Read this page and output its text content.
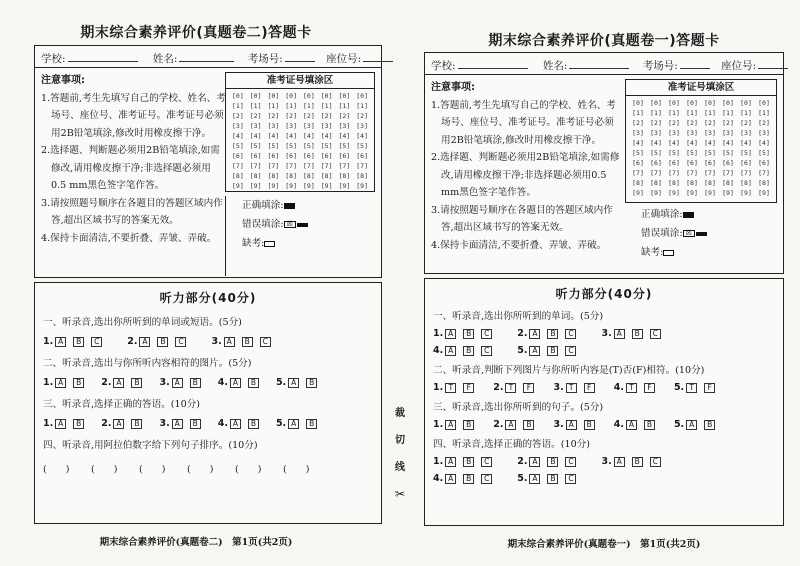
期末综合素养评价(真题卷二)答题卡
学校:	姓名:	考场号:	座位号:
注意事项:

1.答题前,考生先填写自己的学校、姓名、考场号、座位号、准考证号。准考证号必须用2B铅笔填涂,修改时用橡皮擦干净。

2.选择题、判断题必须用2B铅笔填涂,如需修改,请用橡皮擦干净;非选择题必须用0.5 mm黑色签字笔作答。

3.请按照题号顺序在各题目的答题区域内作答,超出区域书写的答案无效。

4.保持卡面清洁,不要折叠、弄皱、弄破。

准考证号填涂区
[0] [0] [0] [0] [0] [0] [0] [0]
[1] [1] [1] [1] [1] [1] [1] [1]
[2] [2] [2] [2] [2] [2] [2] [2]
[3] [3] [3] [3] [3] [3] [3] [3]
[4] [4] [4] [4] [4] [4] [4] [4]
[5] [5] [5] [5] [5] [5] [5] [5]
[6] [6] [6] [6] [6] [6] [6] [6]
[7] [7] [7] [7] [7] [7] [7] [7]
[8] [8] [8] [8] [8] [8] [8] [8]
[9] [9] [9] [9] [9] [9] [9] [9]
正确填涂:
错误填涂: ☒
缺考:
听力部分(40分)
一、听录音,选出你所听到的单词或短语。(5分)
1. A	B	C	2. A	B	C	3. A	B	C
二、听录音,选出与你所听内容相符的图片。(5分)
1. A	B	2. A	B	3. A	B	4. A	B	5. A	B
三、听录音,选择正确的答语。(10分)
1. A	B	2. A	B	3. A	B	4. A	B	5. A	B
四、听录音,用阿拉伯数字给下列句子排序。(10分)
(　　)	(　　)	(　　)	(　　)	(　　)	(　　)
期末综合素养评价(真题卷二)　第1页(共2页)
裁
切
线
✂
期末综合素养评价(真题卷一)答题卡
学校:	姓名:	考场号:	座位号:
注意事项:

1.答题前,考生先填写自己的学校、姓名、考场号、座位号、准考证号。准考证号必须用2B铅笔填涂,修改时用橡皮擦干净。

2.选择题、判断题必须用2B铅笔填涂,如需修改,请用橡皮擦干净;非选择题必须用0.5 mm黑色签字笔作答。

3.请按照题号顺序在各题目的答题区域内作答,超出区域书写的答案无效。

4.保持卡面清洁,不要折叠、弄皱、弄破。

准考证号填涂区
[0] [0] [0] [0] [0] [0] [0] [0]
[1] [1] [1] [1] [1] [1] [1] [1]
[2] [2] [2] [2] [2] [2] [2] [2]
[3] [3] [3] [3] [3] [3] [3] [3]
[4] [4] [4] [4] [4] [4] [4] [4]
[5] [5] [5] [5] [5] [5] [5] [5]
[6] [6] [6] [6] [6] [6] [6] [6]
[7] [7] [7] [7] [7] [7] [7] [7]
[8] [8] [8] [8] [8] [8] [8] [8]
[9] [9] [9] [9] [9] [9] [9] [9]
正确填涂:
错误填涂: ☒
缺考:
听力部分(40分)
一、听录音,选出你所听到的单词。(5分)
1. A	B	C	2. A	B	C	3. A	B	C
4. A	B	C	5. A	B	C
二、听录音,判断下列图片与你所听内容是(T)否(F)相符。(10分)
1. T	F	2. T	F	3. T	F	4. T	F	5. T	F
三、听录音,选出你所听到的句子。(5分)
1. A	B	2. A	B	3. A	B	4. A	B	5. A	B
四、听录音,选择正确的答语。(10分)
1. A	B	C	2. A	B	C	3. A	B	C
4. A	B	C	5. A	B	C
期末综合素养评价(真题卷一)　第1页(共2页)
